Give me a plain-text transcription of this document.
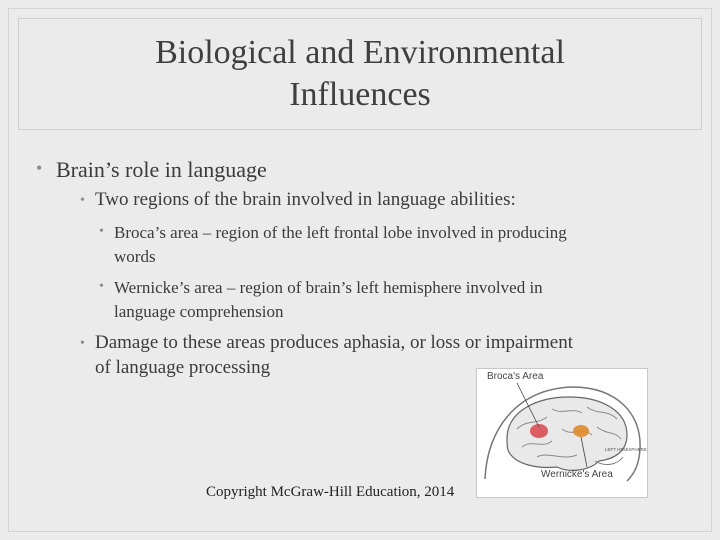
Biological and Environmental
Influences
• Brain’s role in language
• Two regions of the brain involved in language abilities:
• Broca’s area – region of the left frontal lobe involved in producing
words
• Wernicke’s area – region of brain’s left hemisphere involved in
language comprehension
• Damage to these areas produces aphasia, or loss or impairment
of language processing	Broca's Area
LEFT HEMISPHERE
Wernicke's Area
Copyright McGraw-Hill Education, 2014
